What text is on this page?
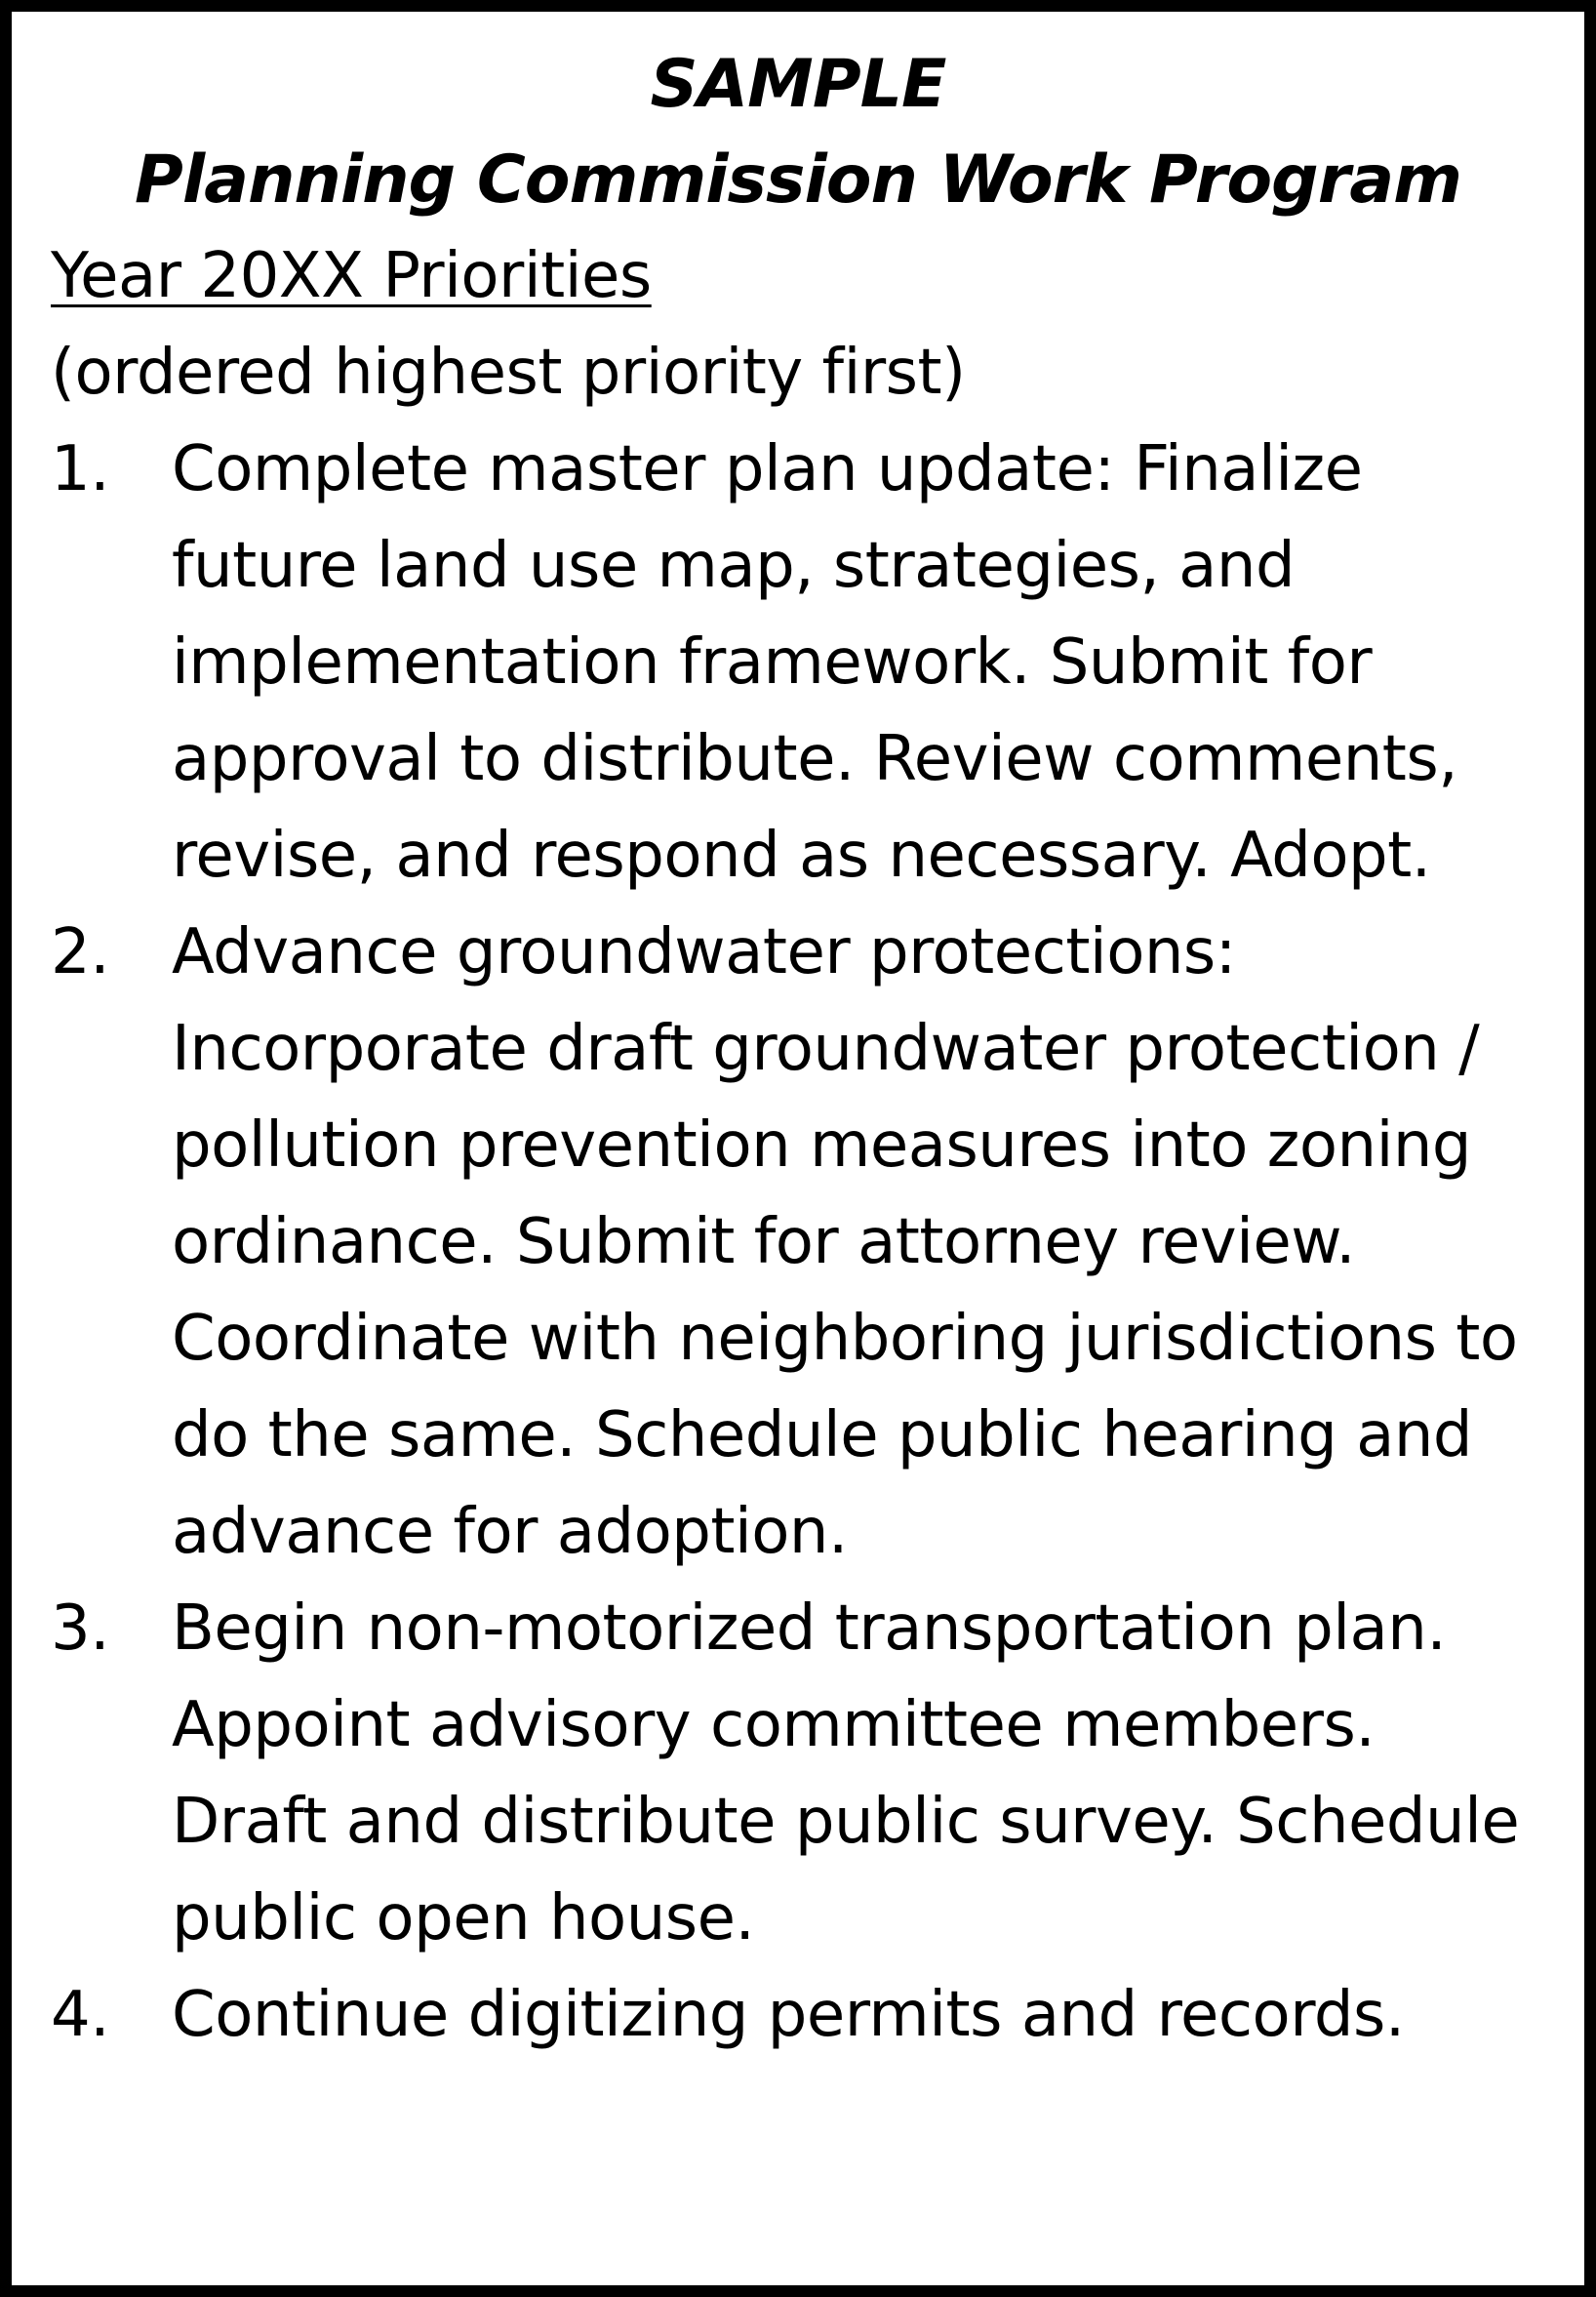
SAMPLE
Planning Commission Work Program
Year 20XX Priorities
(ordered highest priority first)
1. Complete master plan update: Finalize future land use map, strategies, and implementation framework. Submit for approval to distribute. Review comments, revise, and respond as necessary. Adopt.
2. Advance groundwater protections: Incorporate draft groundwater protection / pollution prevention measures into zoning ordinance. Submit for attorney review. Coordinate with neighboring jurisdictions to do the same. Schedule public hearing and advance for adoption.
3. Begin non-motorized transportation plan. Appoint advisory committee members. Draft and distribute public survey. Schedule public open house.
4. Continue digitizing permits and records.
